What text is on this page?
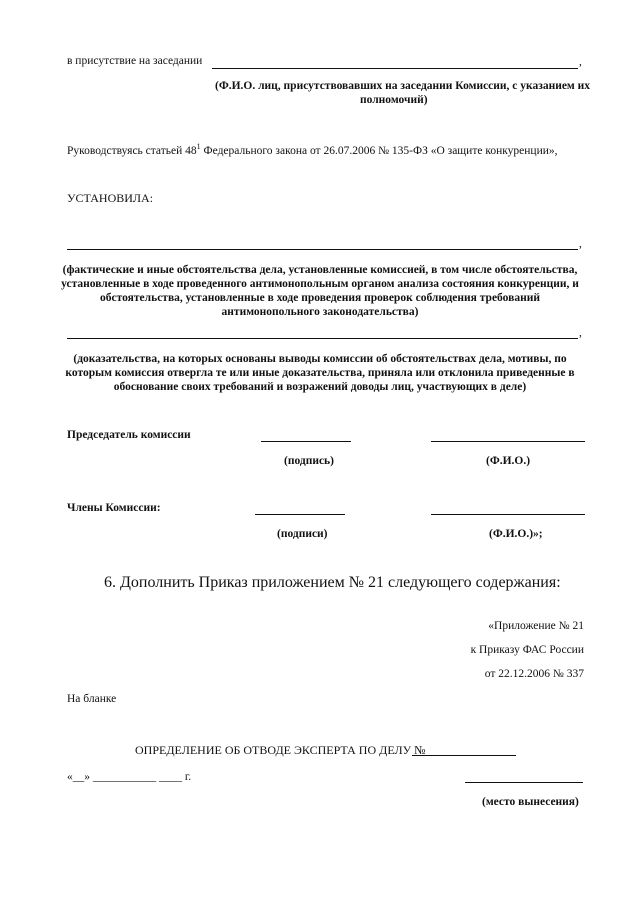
в присутствие на заседании	,
(Ф.И.О. лиц, присутствовавших на заседании Комиссии, с указанием их
полномочий)
Руководствуясь статьей $48^1$ Федерального закона от 26.07.2006 № 135-ФЗ «О защите конкуренции»,
УСТАНОВИЛА:
,
(фактические и иные обстоятельства дела, установленные комиссией, в том числе обстоятельства,
установленные в ходе проведенного антимонопольным органом анализа состояния конкуренции, и
обстоятельства, установленные в ходе проведения проверок соблюдения требований
антимонопольного законодательства)
,
(доказательства, на которых основаны выводы комиссии об обстоятельствах дела, мотивы, по
которым комиссия отвергла те или иные доказательства, приняла или отклонила приведенные в
обоснование своих требований и возражений доводы лиц, участвующих в деле)
Председатель комиссии
(подпись)	(Ф.И.О.)
Члены Комиссии:
(подписи)	(Ф.И.О.)»;
6. Дополнить Приказ приложением № 21 следующего содержания:
«Приложение № 21
к Приказу ФАС России
от 22.12.2006 № 337
На бланке
ОПРЕДЕЛЕНИЕ ОБ ОТВОДЕ ЭКСПЕРТА ПО ДЕЛУ №
«__» ___________ ____ г.
(место вынесения)
